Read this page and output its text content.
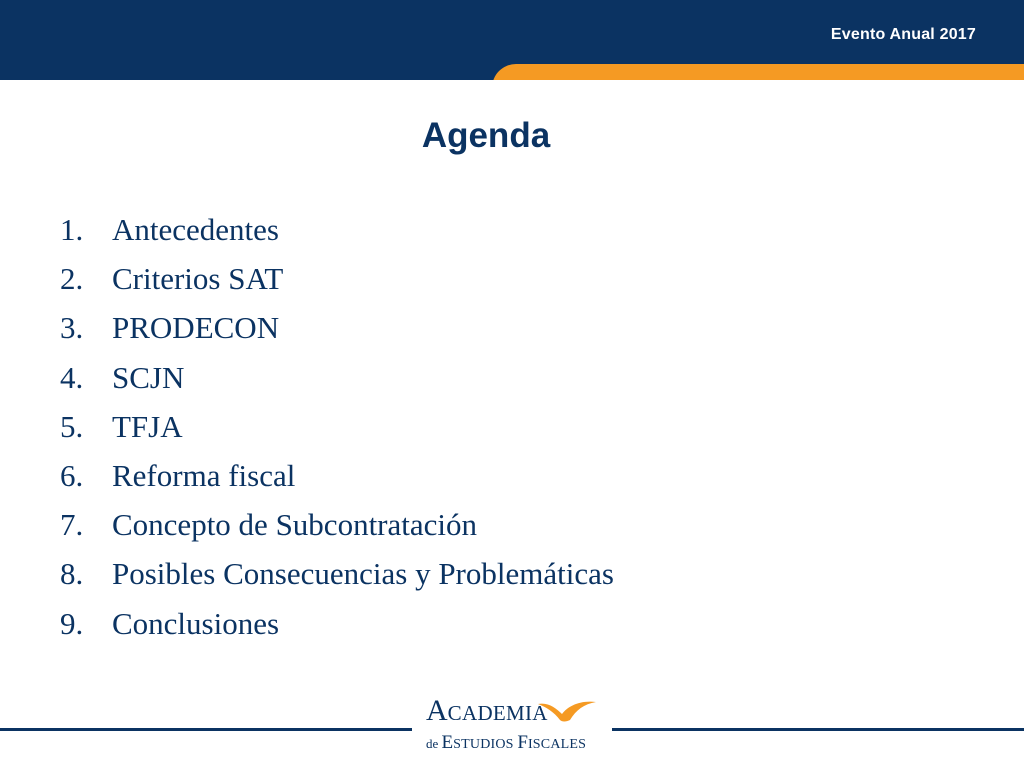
Evento Anual 2017
Agenda
1. Antecedentes
2. Criterios SAT
3. PRODECON
4. SCJN
5. TFJA
6. Reforma fiscal
7. Concepto de Subcontratación
8. Posibles Consecuencias y Problemáticas
9. Conclusiones
ACADEMIA
de ESTUDIOS FISCALES
